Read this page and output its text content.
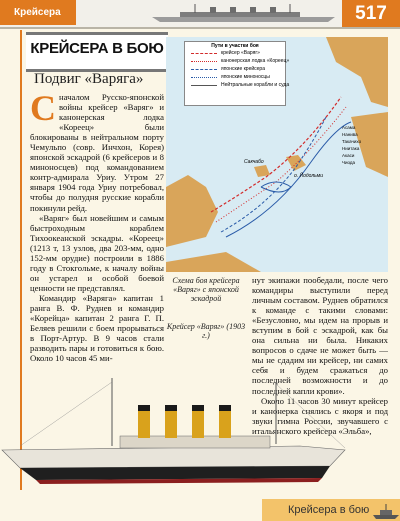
Крейсера	517
КРЕЙСЕРА В БОЮ
Подвиг «Варяга»

С началом Русско-японской войны крейсер «Варяг» и канонерская лодка «Кореец» были блокированы в нейтральном порту Чемульпо (совр. Инчхон, Корея) японской эскадрой (6 крейсеров и 8 миноносцев) под командованием контр-адмирала Уриу. Утром 27 января 1904 года Уриу потребовал, чтобы до полудня русские корабли покинули рейд.

«Варяг» был новейшим и самым быстроходным кораблем Тихоокеанской эскадры. «Кореец» (1213 т, 13 узлов, два 203-мм, одно 152-мм орудие) построили в 1886 году в Стокгольме, к началу войны он устарел и особой боевой ценности не представлял.

Командир «Варяга» капитан 1 ранга В. Ф. Руднев и командир «Корейца» капитан 2 ранга Г. П. Беляев решили с боем прорываться в Порт-Артур. В 9 часов стали разводить пары и готовиться к бою. Около 10 часов 45 ми-

о. Йодольми
Сакчабо
Асама
Нанива
Такачихо
Ниитака
Акаси
Чиода
Пути в участки боя
крейсер «Варяг»
канонерская лодка «Кореец»
японские крейсера
японские миноносцы
Нейтральные корабли и суда
Схема боя крейсера «Варяг» с японской эскадрой
Крейсер «Варяг» (1903 г.)

нут экипажи пообедали, после чего командиры выступили перед личным составом. Руднев обратился к команде с такими словами: «Безусловно, мы идем на прорыв и вступим в бой с эскадрой, как бы она сильна ни была. Никаких вопросов о сдаче не может быть — мы не сдадим ни крейсер, ни самих себя и будем сражаться до последней возможности и до последней капли крови».

Около 11 часов 30 минут крейсер и канонерка снялись с якоря и под звуки гимна России, звучавшего с итальянского крейсера «Эльба»,

Крейсера в бою
